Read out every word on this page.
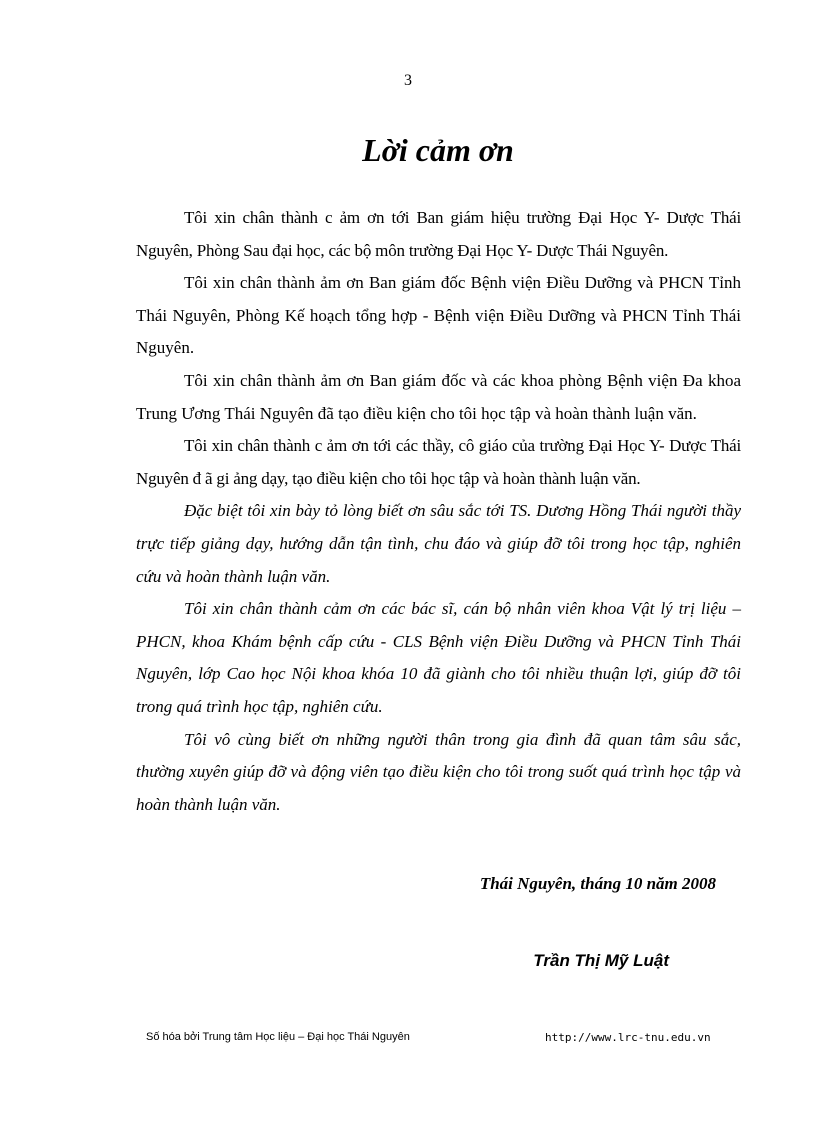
3
Lời cảm ơn

Tôi xin chân thành c ảm ơn tới Ban giám hiệu trường Đại Học Y- Dược Thái Nguyên, Phòng Sau đại học, các bộ môn trường Đại Học Y- Dược Thái Nguyên.

Tôi xin chân thành ảm ơn Ban giám đốc Bệnh viện Điều Dưỡng và PHCN Tỉnh Thái Nguyên, Phòng Kế hoạch tổng hợp - Bệnh viện Điều Dưỡng và PHCN Tỉnh Thái Nguyên.

Tôi xin chân thành ảm ơn Ban giám đốc và các khoa phòng Bệnh viện Đa khoa Trung Ương Thái Nguyên đã tạo điều kiện cho tôi học tập và hoàn thành luận văn.

Tôi xin chân thành c ảm ơn tới các thầy, cô giáo của trường Đại Học Y- Dược Thái Nguyên đ ã gi ảng dạy, tạo điều kiện cho tôi học tập và hoàn thành luận văn.

Đặc biệt tôi xin bày tỏ lòng biết ơn sâu sắc tới TS. Dương Hồng Thái người thầy trực tiếp giảng dạy, hướng dẫn tận tình, chu đáo và giúp đỡ tôi trong học tập, nghiên cứu và hoàn thành luận văn.

Tôi xin chân thành cảm ơn các bác sĩ, cán bộ nhân viên khoa Vật lý trị liệu – PHCN, khoa Khám bệnh cấp cứu - CLS Bệnh viện Điều Dưỡng và PHCN Tỉnh Thái Nguyên, lớp Cao học Nội khoa khóa 10 đã giành cho tôi nhiều thuận lợi, giúp đỡ tôi trong quá trình học tập, nghiên cứu.

Tôi vô cùng biết ơn những người thân trong gia đình đã quan tâm sâu sắc, thường xuyên giúp đỡ và động viên tạo điều kiện cho tôi trong suốt quá trình học tập và hoàn thành luận văn.

Thái Nguyên, tháng 10 năm 2008
Trần Thị Mỹ Luật
Số hóa bởi Trung tâm Học liệu – Đại học Thái Nguyên	http://www.lrc-tnu.edu.vn
